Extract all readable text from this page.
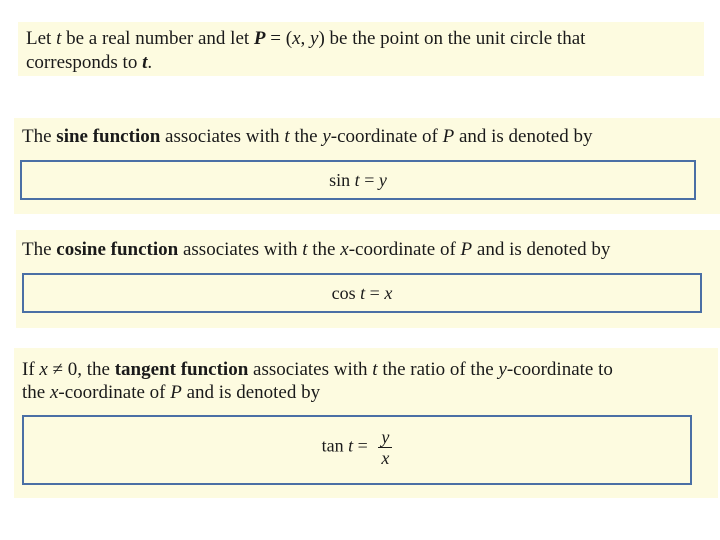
Let t be a real number and let P = (x, y) be the point on the unit circle that
corresponds to t.
The sine function associates with t the y-coordinate of P and is denoted by
sin t = y
The cosine function associates with t the x-coordinate of P and is denoted by
cos t = x
If x ≠ 0, the tangent function associates with t the ratio of the y-coordinate to
the x-coordinate of P and is denoted by
$\tan t = \frac{y}{x}$
